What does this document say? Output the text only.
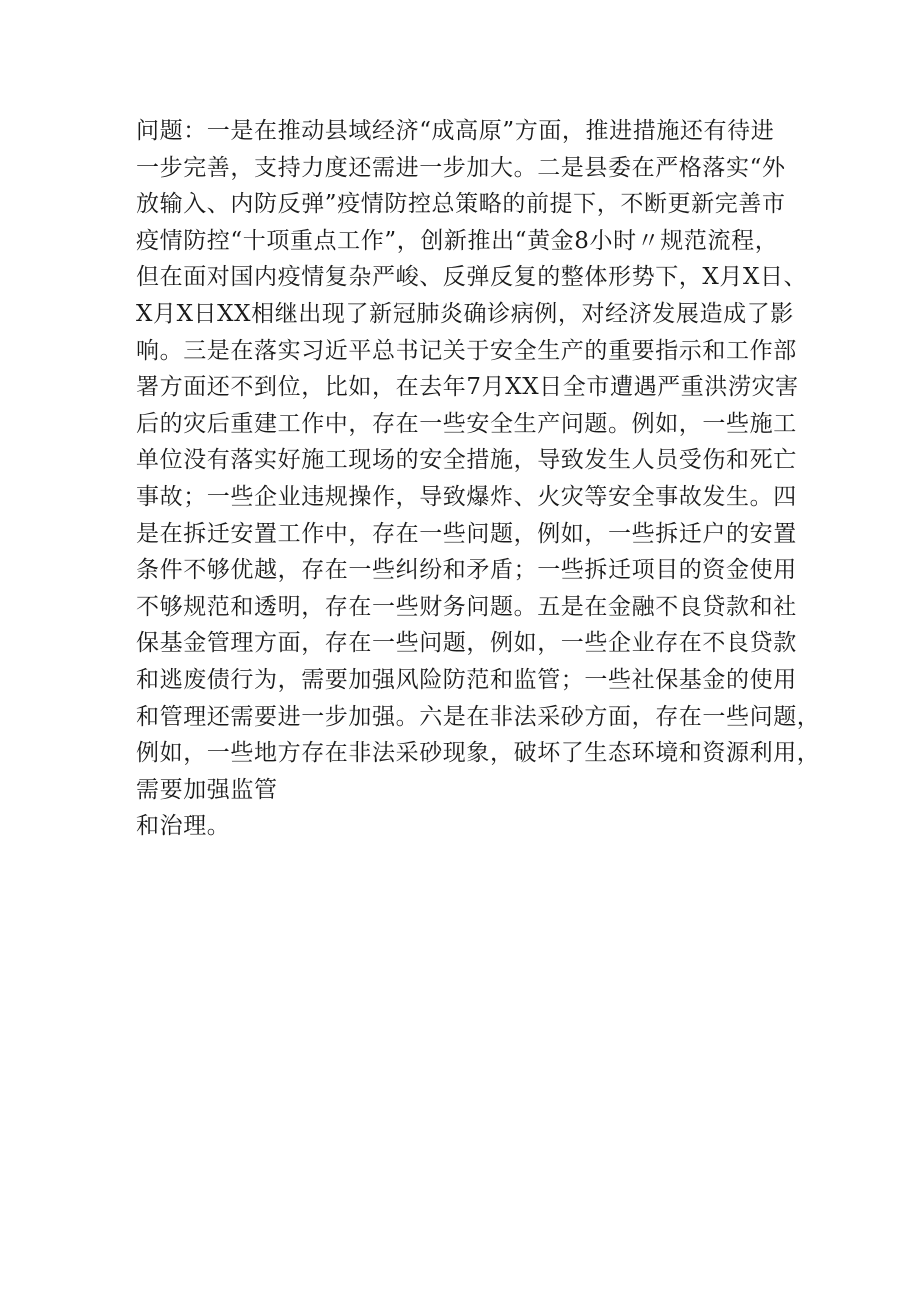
问题：一是在推动县域经济“成高原”方面，推进措施还有待进
一步完善，支持力度还需进一步加大。二是县委在严格落实“外
放输入、内防反弹”疫情防控总策略的前提下，不断更新完善市
疫情防控“十项重点工作”，创新推出“黄金8小时〃规范流程，
但在面对国内疫情复杂严峻、反弹反复的整体形势下，X月X日、
X月X日XX相继出现了新冠肺炎确诊病例，对经济发展造成了影
响。三是在落实习近平总书记关于安全生产的重要指示和工作部
署方面还不到位，比如，在去年7月XX日全市遭遇严重洪涝灾害
后的灾后重建工作中，存在一些安全生产问题。例如，一些施工
单位没有落实好施工现场的安全措施，导致发生人员受伤和死亡
事故；一些企业违规操作，导致爆炸、火灾等安全事故发生。四
是在拆迁安置工作中，存在一些问题，例如，一些拆迁户的安置
条件不够优越，存在一些纠纷和矛盾；一些拆迁项目的资金使用
不够规范和透明，存在一些财务问题。五是在金融不良贷款和社
保基金管理方面，存在一些问题，例如，一些企业存在不良贷款
和逃废债行为，需要加强风险防范和监管；一些社保基金的使用
和管理还需要进一步加强。六是在非法采砂方面，存在一些问题，
例如，一些地方存在非法采砂现象，破坏了生态环境和资源利用，
需要加强监管
和治理。
